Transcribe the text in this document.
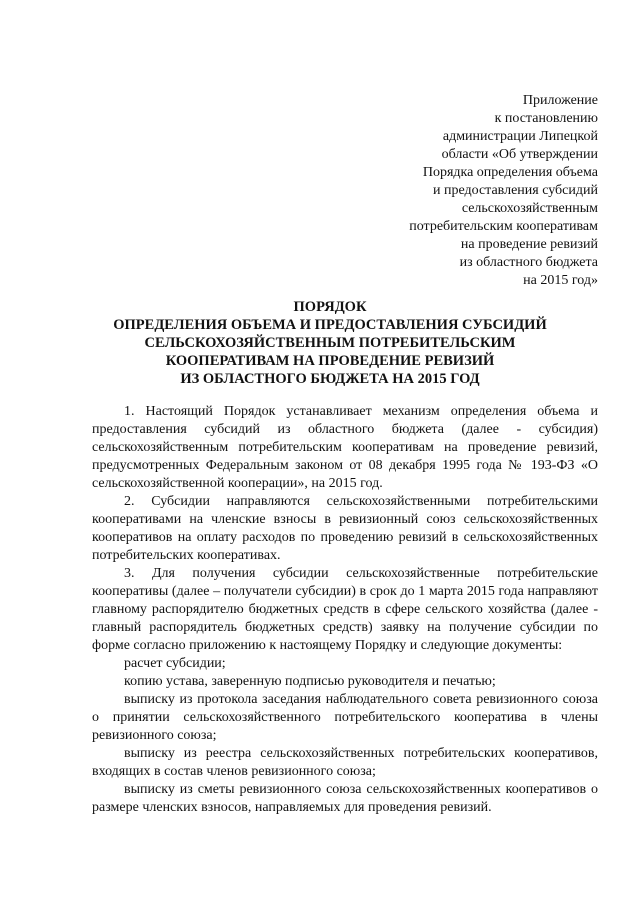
Приложение
к постановлению
администрации Липецкой
области «Об утверждении
Порядка определения объема
и предоставления субсидий
сельскохозяйственным
потребительским кооперативам
на проведение ревизий
из областного бюджета
на 2015 год»
ПОРЯДОК
ОПРЕДЕЛЕНИЯ ОБЪЕМА И ПРЕДОСТАВЛЕНИЯ СУБСИДИЙ
СЕЛЬСКОХОЗЯЙСТВЕННЫМ ПОТРЕБИТЕЛЬСКИМ
КООПЕРАТИВАМ НА ПРОВЕДЕНИЕ РЕВИЗИЙ
ИЗ ОБЛАСТНОГО БЮДЖЕТА НА 2015 ГОД

1. Настоящий Порядок устанавливает механизм определения объема и предоставления субсидий из областного бюджета (далее - субсидия) сельскохозяйственным потребительским кооперативам на проведение ревизий, предусмотренных Федеральным законом от 08 декабря 1995 года № 193-ФЗ «О сельскохозяйственной кооперации», на 2015 год.

2. Субсидии направляются сельскохозяйственными потребительскими кооперативами на членские взносы в ревизионный союз сельскохозяйственных кооперативов на оплату расходов по проведению ревизий в сельскохозяйственных потребительских кооперативах.

3. Для получения субсидии сельскохозяйственные потребительские кооперативы (далее – получатели субсидии) в срок до 1 марта 2015 года направляют главному распорядителю бюджетных средств в сфере сельского хозяйства (далее - главный распорядитель бюджетных средств) заявку на получение субсидии по форме согласно приложению к настоящему Порядку и следующие документы:

расчет субсидии;

копию устава, заверенную подписью руководителя и печатью;

выписку из протокола заседания наблюдательного совета ревизионного союза о принятии сельскохозяйственного потребительского кооператива в члены ревизионного союза;

выписку из реестра сельскохозяйственных потребительских кооперативов, входящих в состав членов ревизионного союза;

выписку из сметы ревизионного союза сельскохозяйственных кооперативов о размере членских взносов, направляемых для проведения ревизий.
